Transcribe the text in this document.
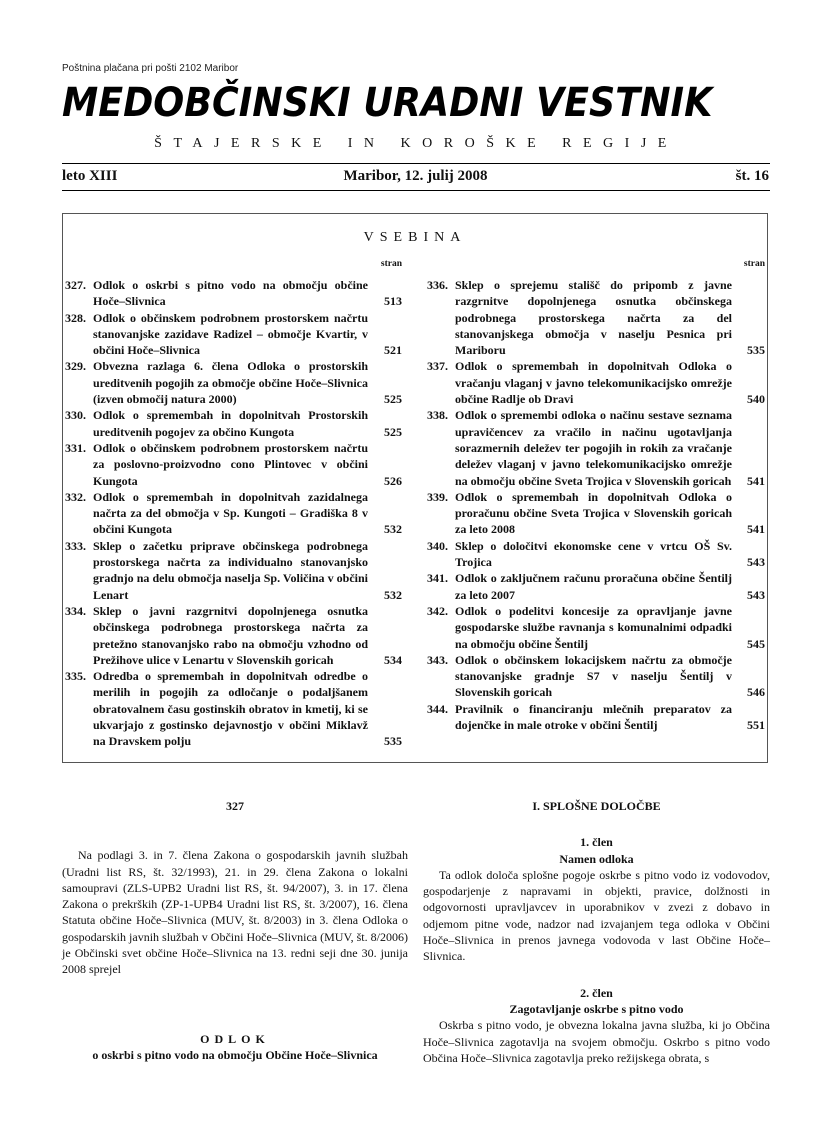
Poštnina plačana pri pošti 2102 Maribor
MEDOBČINSKI URADNI VESTNIK
ŠTAJERSKE IN KOROŠKE REGIJE
leto XIII	Maribor, 12. julij 2008	št. 16
VSEBINA
stran
327. Odlok o oskrbi s pitno vodo na območju občine Hoče–Slivnica	513
328. Odlok o občinskem podrobnem prostorskem načrtu stanovanjske zazidave Radizel – območje Kvartir, v občini Hoče–Slivnica	521
329. Obvezna razlaga 6. člena Odloka o prostorskih ureditvenih pogojih za območje občine Hoče–Slivnica (izven območij natura 2000)	525
330. Odlok o spremembah in dopolnitvah Prostorskih ureditvenih pogojev za občino Kungota	525
331. Odlok o občinskem podrobnem prostorskem načrtu za poslovno-proizvodno cono Plintovec v občini Kungota	526
332. Odlok o spremembah in dopolnitvah zazidalnega načrta za del območja v Sp. Kungoti – Gradiška 8 v občini Kungota	532
333. Sklep o začetku priprave občinskega podrobnega prostorskega načrta za individualno stanovanjsko gradnjo na delu območja naselja Sp. Voličina v občini Lenart	532
334. Sklep o javni razgrnitvi dopolnjenega osnutka občinskega podrobnega prostorskega načrta za pretežno stanovanjsko rabo na območju vzhodno od Prežihove ulice v Lenartu v Slovenskih goricah	534
335. Odredba o spremembah in dopolnitvah odredbe o merilih in pogojih za odločanje o podaljšanem obratovalnem času gostinskih obratov in kmetij, ki se ukvarjajo z gostinsko dejavnostjo v občini Miklavž na Dravskem polju	535
stran
336. Sklep o sprejemu stališč do pripomb z javne razgrnitve dopolnjenega osnutka občinskega podrobnega prostorskega načrta za del stanovanjskega območja v naselju Pesnica pri Mariboru	535
337. Odlok o spremembah in dopolnitvah Odloka o vračanju vlaganj v javno telekomunikacijsko omrežje občine Radlje ob Dravi	540
338. Odlok o spremembi odloka o načinu sestave seznama upravičencev za vračilo in načinu ugotavljanja sorazmernih deležev ter pogojih in rokih za vračanje deležev vlaganj v javno telekomunikacijsko omrežje na območju občine Sveta Trojica v Slovenskih goricah	541
339. Odlok o spremembah in dopolnitvah Odloka o proračunu občine Sveta Trojica v Slovenskih goricah za leto 2008	541
340. Sklep o določitvi ekonomske cene v vrtcu OŠ Sv. Trojica	543
341. Odlok o zaključnem računu proračuna občine Šentilj za leto 2007	543
342. Odlok o podelitvi koncesije za opravljanje javne gospodarske službe ravnanja s komunalnimi odpadki na območju občine Šentilj	545
343. Odlok o občinskem lokacijskem načrtu za območje stanovanjske gradnje S7 v naselju Šentilj v Slovenskih goricah	546
344. Pravilnik o financiranju mlečnih preparatov za dojenčke in male otroke v občini Šentilj	551
327

Na podlagi 3. in 7. člena Zakona o gospodarskih javnih službah (Uradni list RS, št. 32/1993), 21. in 29. člena Zakona o lokalni samoupravi (ZLS-UPB2 Uradni list RS, št. 94/2007), 3. in 17. člena Zakona o prekrških (ZP-1-UPB4 Uradni list RS, št. 3/2007), 16. člena Statuta občine Hoče–Slivnica (MUV, št. 8/2003) in 3. člena Odloka o gospodarskih javnih službah v Občini Hoče–Slivnica (MUV, št. 8/2006) je Občinski svet občine Hoče–Slivnica na 13. redni seji dne 30. junija 2008 sprejel

ODLOK
o oskrbi s pitno vodo na območju Občine Hoče–Slivnica
I. SPLOŠNE DOLOČBE
1. člen
Namen odloka

Ta odlok določa splošne pogoje oskrbe s pitno vodo iz vodovodov, gospodarjenje z napravami in objekti, pravice, dolžnosti in odgovornosti upravljavcev in uporabnikov v zvezi z dobavo in odjemom pitne vode, nadzor nad izvajanjem tega odloka v Občini Hoče–Slivnica in prenos javnega vodovoda v last Občine Hoče–Slivnica.

2. člen
Zagotavljanje oskrbe s pitno vodo

Oskrba s pitno vodo, je obvezna lokalna javna služba, ki jo Občina Hoče–Slivnica zagotavlja na svojem območju. Oskrbo s pitno vodo Občina Hoče–Slivnica zagotavlja preko režijskega obrata, s
